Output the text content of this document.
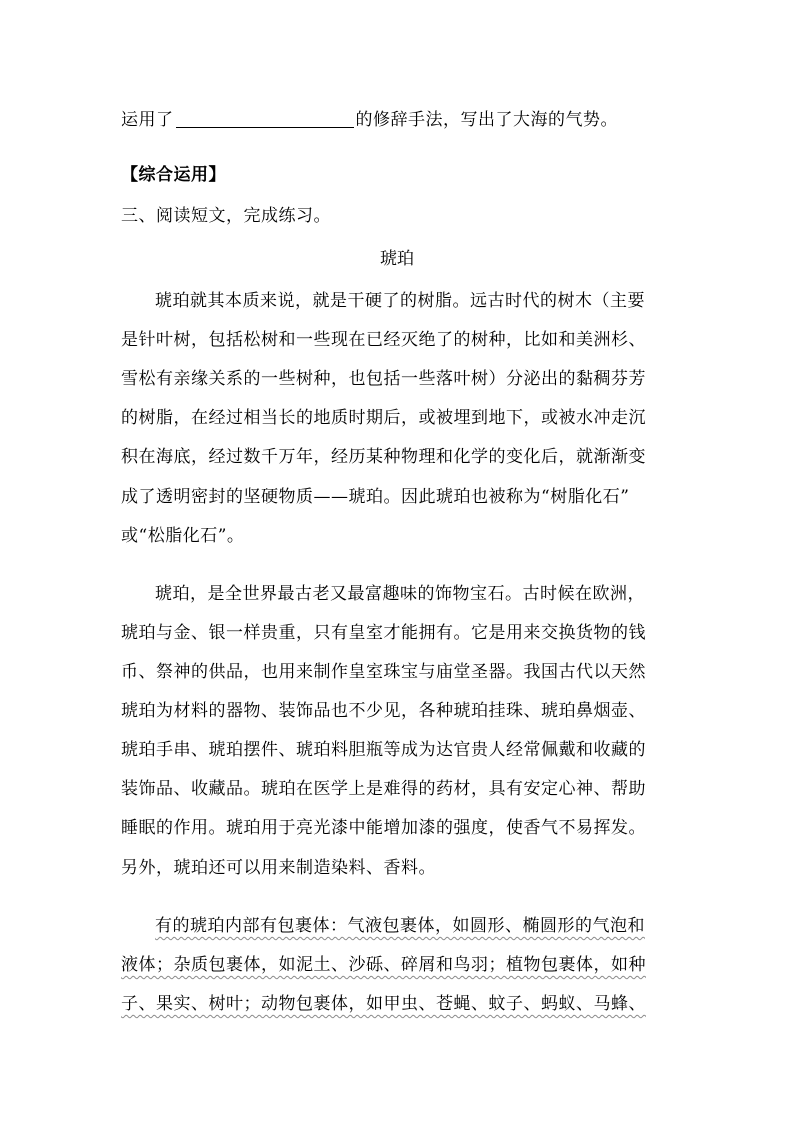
运用了	的修辞手法，写出了大海的气势。
【综合运用】
三、阅读短文，完成练习。
琥珀
琥珀就其本质来说，就是干硬了的树脂。远古时代的树木（主要
是针叶树，包括松树和一些现在已经灭绝了的树种，比如和美洲杉、
雪松有亲缘关系的一些树种，也包括一些落叶树）分泌出的黏稠芬芳
的树脂，在经过相当长的地质时期后，或被埋到地下，或被水冲走沉
积在海底，经过数千万年，经历某种物理和化学的变化后，就渐渐变
成了透明密封的坚硬物质——琥珀。因此琥珀也被称为“树脂化石”
或“松脂化石”。
琥珀，是全世界最古老又最富趣味的饰物宝石。古时候在欧洲，
琥珀与金、银一样贵重，只有皇室才能拥有。它是用来交换货物的钱
币、祭神的供品，也用来制作皇室珠宝与庙堂圣器。我国古代以天然
琥珀为材料的器物、装饰品也不少见，各种琥珀挂珠、琥珀鼻烟壶、
琥珀手串、琥珀摆件、琥珀料胆瓶等成为达官贵人经常佩戴和收藏的
装饰品、收藏品。琥珀在医学上是难得的药材，具有安定心神、帮助
睡眠的作用。琥珀用于亮光漆中能增加漆的强度，使香气不易挥发。
另外，琥珀还可以用来制造染料、香料。
有的琥珀内部有包裹体：气液包裹体，如圆形、椭圆形的气泡和
液体；杂质包裹体，如泥土、沙砾、碎屑和鸟羽；植物包裹体，如种
子、果实、树叶；动物包裹体，如甲虫、苍蝇、蚊子、蚂蚁、马蜂、
